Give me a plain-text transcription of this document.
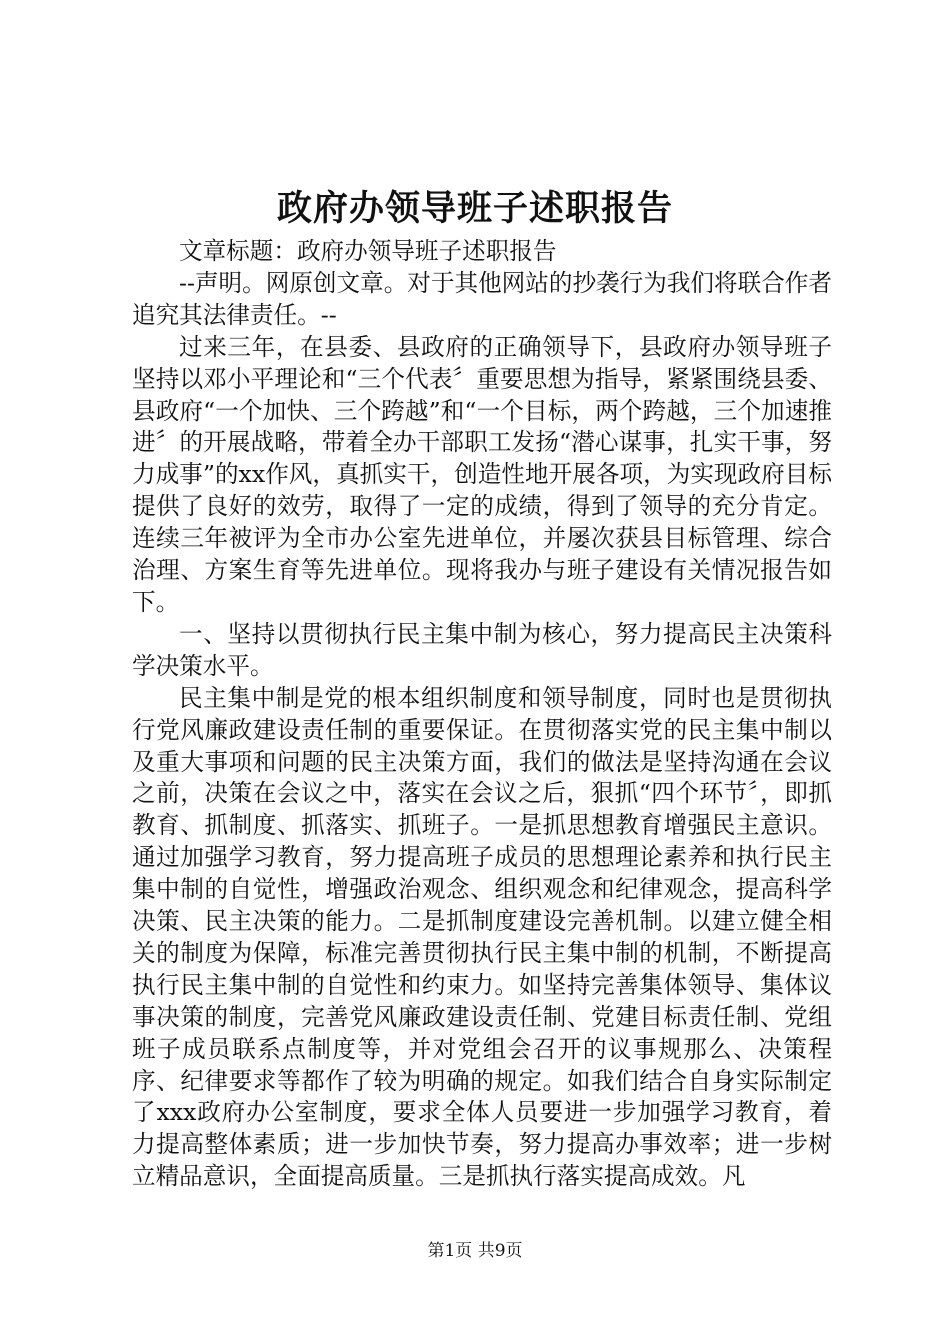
政府办领导班子述职报告

文章标题：政府办领导班子述职报告

--声明。网原创文章。对于其他网站的抄袭行为我们将联合作者追究其法律责任。--

过来三年，在县委、县政府的正确领导下，县政府办领导班子坚持以邓小平理论和“三个代表〞重要思想为指导，紧紧围绕县委、县政府“一个加快、三个跨越”和“一个目标，两个跨越，三个加速推进〞的开展战略，带着全办干部职工发扬“潜心谋事，扎实干事，努力成事”的xx作风，真抓实干，创造性地开展各项，为实现政府目标提供了良好的效劳，取得了一定的成绩，得到了领导的充分肯定。连续三年被评为全市办公室先进单位，并屡次获县目标管理、综合治理、方案生育等先进单位。现将我办与班子建设有关情况报告如下。

一、坚持以贯彻执行民主集中制为核心，努力提高民主决策科学决策水平。

民主集中制是党的根本组织制度和领导制度，同时也是贯彻执行党风廉政建设责任制的重要保证。在贯彻落实党的民主集中制以及重大事项和问题的民主决策方面，我们的做法是坚持沟通在会议之前，决策在会议之中，落实在会议之后，狠抓“四个环节〞，即抓教育、抓制度、抓落实、抓班子。一是抓思想教育增强民主意识。通过加强学习教育，努力提高班子成员的思想理论素养和执行民主集中制的自觉性，增强政治观念、组织观念和纪律观念，提高科学决策、民主决策的能力。二是抓制度建设完善机制。以建立健全相关的制度为保障，标准完善贯彻执行民主集中制的机制，不断提高执行民主集中制的自觉性和约束力。如坚持完善集体领导、集体议事决策的制度，完善党风廉政建设责任制、党建目标责任制、党组班子成员联系点制度等，并对党组会召开的议事规那么、决策程序、纪律要求等都作了较为明确的规定。如我们结合自身实际制定了xxx政府办公室制度，要求全体人员要进一步加强学习教育，着力提高整体素质；进一步加快节奏，努力提高办事效率；进一步树立精品意识，全面提高质量。三是抓执行落实提高成效。凡

第1页 共9页
